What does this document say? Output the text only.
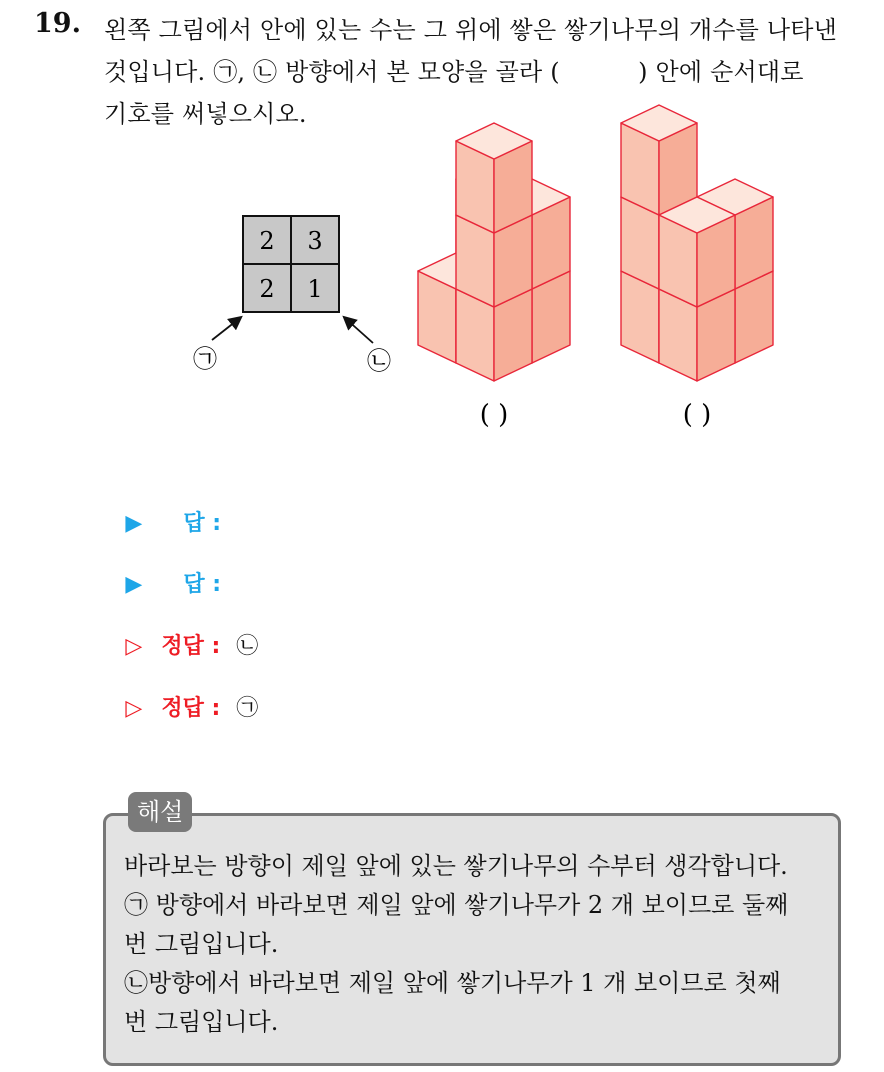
19. 왼쪽 그림에서 안에 있는 수는 그 위에 쌓은 쌓기나무의 개수를 나타낸
것입니다. ㉠, ㉡ 방향에서 본 모양을 골라 (          ) 안에 순서대로
기호를 써넣으시오.
2 3
2 1
㉠	㉡
( )	( )

▶ 답 :

▶ 답 :

▷ 정답 : ㉡

▷ 정답 : ㉠

해설
바라보는 방향이 제일 앞에 있는 쌓기나무의 수부터 생각합니다.
㉠ 방향에서 바라보면 제일 앞에 쌓기나무가 2 개 보이므로 둘째
번 그림입니다.
㉡방향에서 바라보면 제일 앞에 쌓기나무가 1 개 보이므로 첫째
번 그림입니다.
